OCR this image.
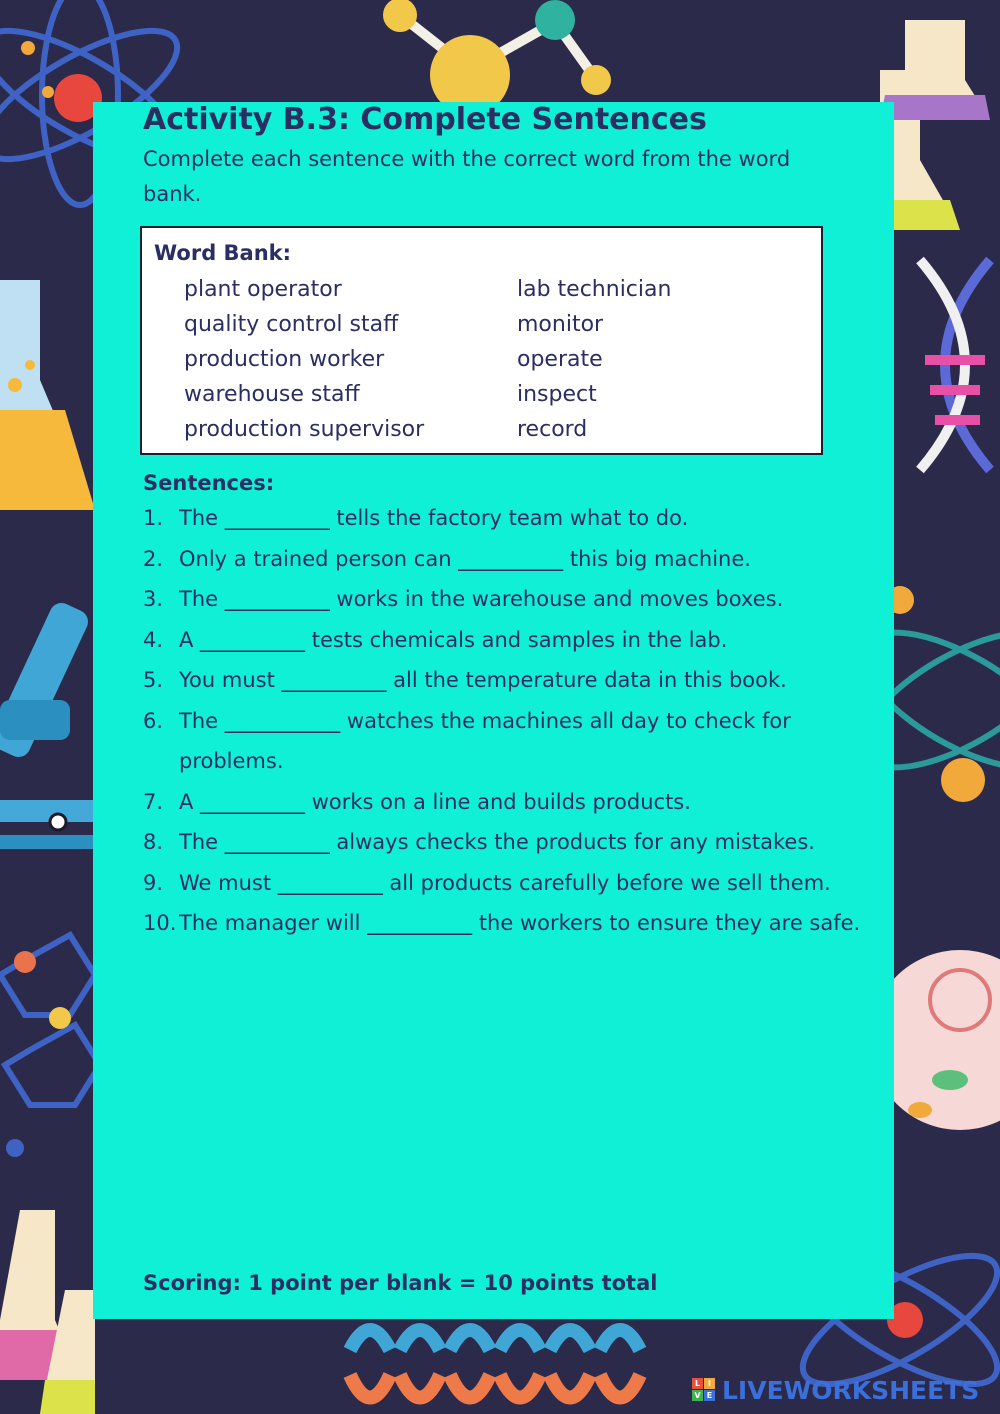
Activity B.3: Complete Sentences
Complete each sentence with the correct word from the word bank.
Word Bank:
plant operator
quality control staff
production worker
warehouse staff
production supervisor
lab technician
monitor
operate
inspect
record
Sentences:
1. The __________ tells the factory team what to do.
2. Only a trained person can __________ this big machine.
3. The __________ works in the warehouse and moves boxes.
4. A __________ tests chemicals and samples in the lab.
5. You must __________ all the temperature data in this book.
6. The ___________ watches the machines all day to check for problems.
7. A __________ works on a line and builds products.
8. The __________ always checks the products for any mistakes.
9. We must __________ all products carefully before we sell them.
10. The manager will __________ the workers to ensure they are safe.
Scoring: 1 point per blank = 10 points total
L I
V E LIVEWORKSHEETS
